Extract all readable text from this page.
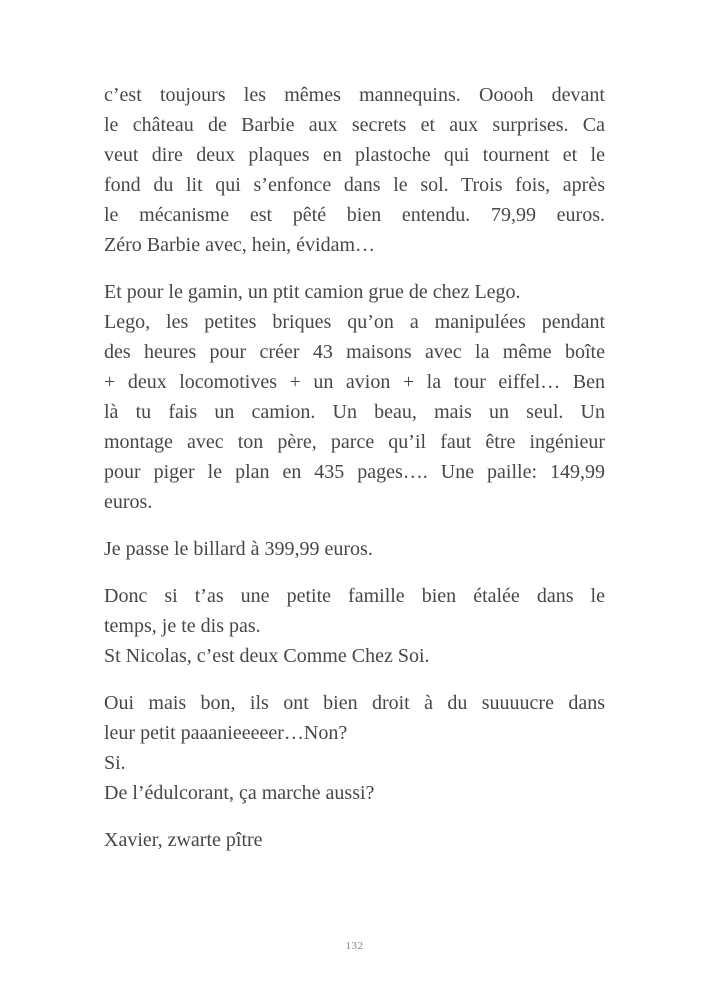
c’est toujours les mêmes mannequins. Ooooh devant
le château de Barbie aux secrets et aux surprises. Ca
veut dire deux plaques en plastoche qui tournent et le
fond du lit qui s’enfonce dans le sol. Trois fois, après
le mécanisme est pêté bien entendu. 79,99 euros.
Zéro Barbie avec, hein, évidam…
Et pour le gamin, un ptit camion grue de chez Lego.
Lego, les petites briques qu’on a manipulées pendant
des heures pour créer 43 maisons avec la même boîte
+ deux locomotives + un avion + la tour eiffel… Ben
là tu fais un camion. Un beau, mais un seul. Un
montage avec ton père, parce qu’il faut être ingénieur
pour piger le plan en 435 pages…. Une paille: 149,99
euros.
Je passe le billard à 399,99 euros.
Donc si t’as une petite famille bien étalée dans le
temps, je te dis pas.
St Nicolas, c’est deux Comme Chez Soi.
Oui mais bon, ils ont bien droit à du suuuucre dans
leur petit paaanieeeeer…Non?
Si.
De l’édulcorant, ça marche aussi?
Xavier, zwarte pître
132
